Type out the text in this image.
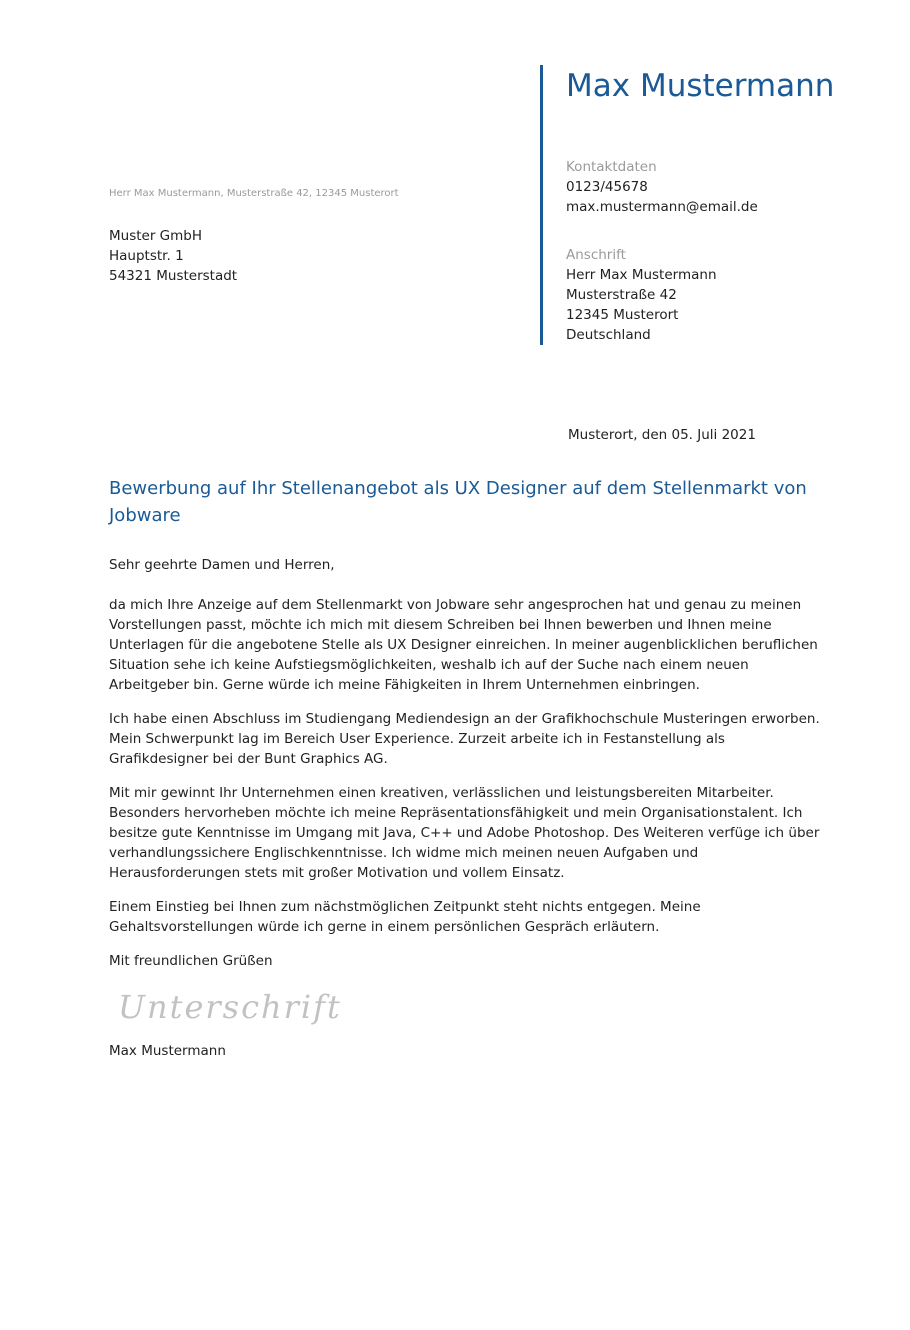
Max Mustermann
Kontaktdaten
0123/45678
max.mustermann@email.de
Anschrift
Herr Max Mustermann
Musterstraße 42
12345 Musterort
Deutschland
Herr Max Mustermann, Musterstraße 42, 12345 Musterort
Muster GmbH
Hauptstr. 1
54321 Musterstadt
Musterort, den 05. Juli 2021
Bewerbung auf Ihr Stellenangebot als UX Designer auf dem Stellenmarkt von Jobware
Sehr geehrte Damen und Herren,
da mich Ihre Anzeige auf dem Stellenmarkt von Jobware sehr angesprochen hat und genau zu meinen Vorstellungen passt, möchte ich mich mit diesem Schreiben bei Ihnen bewerben und Ihnen meine Unterlagen für die angebotene Stelle als UX Designer einreichen. In meiner augenblicklichen beruflichen Situation sehe ich keine Aufstiegsmöglichkeiten, weshalb ich auf der Suche nach einem neuen Arbeitgeber bin. Gerne würde ich meine Fähigkeiten in Ihrem Unternehmen einbringen.
Ich habe einen Abschluss im Studiengang Mediendesign an der Grafikhochschule Musteringen erworben. Mein Schwerpunkt lag im Bereich User Experience. Zurzeit arbeite ich in Festanstellung als Grafikdesigner bei der Bunt Graphics AG.
Mit mir gewinnt Ihr Unternehmen einen kreativen, verlässlichen und leistungsbereiten Mitarbeiter. Besonders hervorheben möchte ich meine Repräsentationsfähigkeit und mein Organisationstalent. Ich besitze gute Kenntnisse im Umgang mit Java, C++ und Adobe Photoshop. Des Weiteren verfüge ich über verhandlungssichere Englischkenntnisse. Ich widme mich meinen neuen Aufgaben und Herausforderungen stets mit großer Motivation und vollem Einsatz.
Einem Einstieg bei Ihnen zum nächstmöglichen Zeitpunkt steht nichts entgegen. Meine Gehaltsvorstellungen würde ich gerne in einem persönlichen Gespräch erläutern.
Mit freundlichen Grüßen
Unterschrift
Max Mustermann
